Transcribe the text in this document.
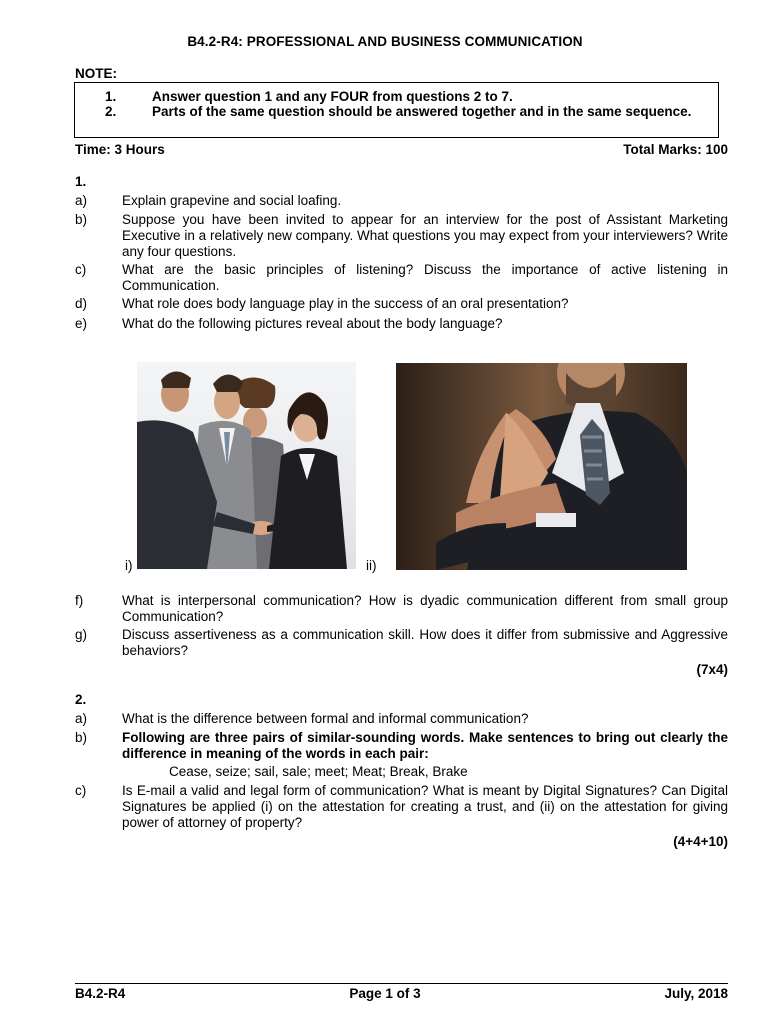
B4.2-R4: PROFESSIONAL AND BUSINESS COMMUNICATION
NOTE:
1.	Answer question 1 and any FOUR from questions 2 to 7.
2.	Parts of the same question should be answered together and in the same sequence.
Time: 3 Hours	Total Marks: 100
1.
a)	Explain grapevine and social loafing.
b)	Suppose you have been invited to appear for an interview for the post of Assistant Marketing Executive in a relatively new company. What questions you may expect from your interviewers? Write any four questions.
c)	What are the basic principles of listening? Discuss the importance of active listening in Communication.
d)	What role does body language play in the success of an oral presentation?
e)	What do the following pictures reveal about the body language?
i)	ii)
f)	What is interpersonal communication? How is dyadic communication different from small group Communication?
g)	Discuss assertiveness as a communication skill. How does it differ from submissive and Aggressive behaviors?
(7x4)
2.
a)	What is the difference between formal and informal communication?
b)	Following are three pairs of similar-sounding words. Make sentences to bring out clearly the difference in meaning of the words in each pair:
Cease, seize; sail, sale; meet; Meat; Break, Brake
c)	Is E-mail a valid and legal form of communication? What is meant by Digital Signatures? Can Digital Signatures be applied (i) on the attestation for creating a trust, and (ii) on the attestation for giving power of attorney of property?
(4+4+10)
B4.2-R4	Page 1 of 3	July, 2018
